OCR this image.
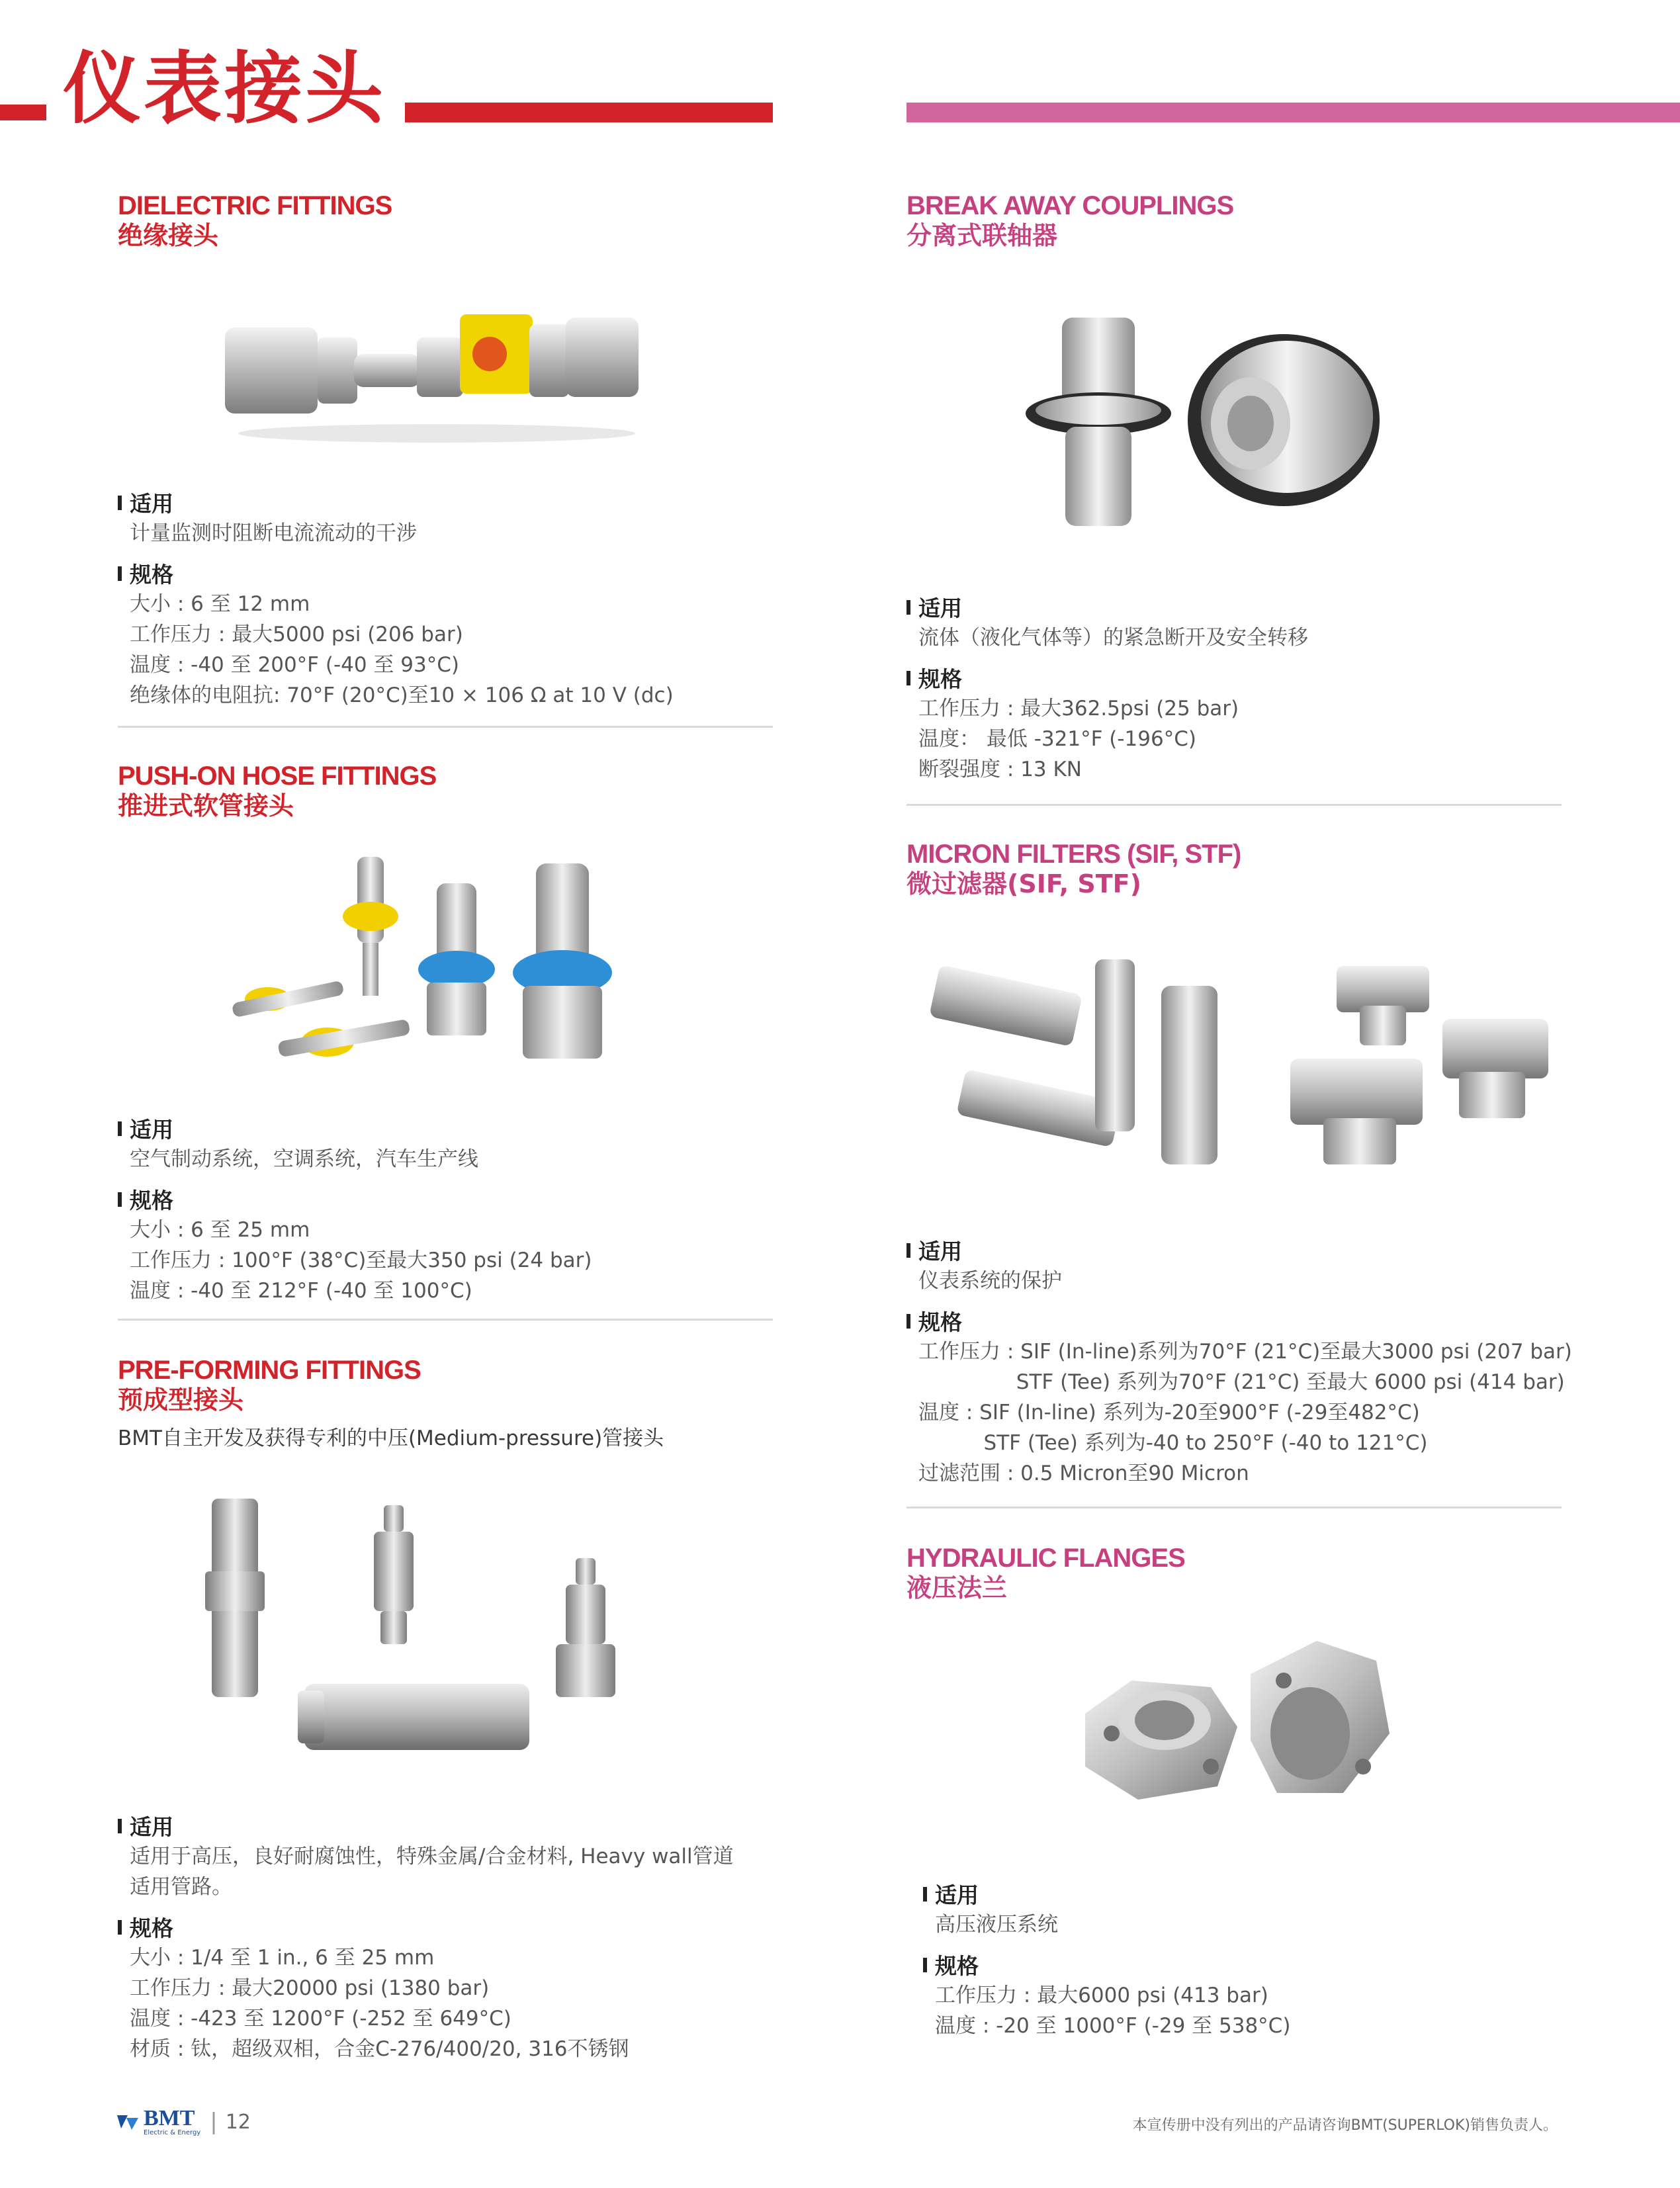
仪表接头
DIELECTRIC FITTINGS
绝缘接头
适用
计量监测时阻断电流流动的干涉
规格
大小 : 6 至 12 mm
工作压力 : 最大5000 psi (206 bar)
温度 : -40 至 200°F (-40 至 93°C)
绝缘体的电阻抗: 70°F (20°C)至10 × 106 Ω at 10 V (dc)
PUSH-ON HOSE FITTINGS
推进式软管接头
适用
空气制动系统，空调系统，汽车生产线
规格
大小 : 6 至 25 mm
工作压力 : 100°F (38°C)至最大350 psi (24 bar)
温度 : -40 至 212°F (-40 至 100°C)
PRE-FORMING FITTINGS
预成型接头
BMT自主开发及获得专利的中压(Medium-pressure)管接头
适用
适用于高压，良好耐腐蚀性，特殊金属/合金材料, Heavy wall管道
适用管路。
规格
大小 : 1/4 至 1 in., 6 至 25 mm
工作压力 : 最大20000 psi (1380 bar)
温度 : -423 至 1200°F (-252 至 649°C)
材质 : 钛，超级双相，合金C-276/400/20, 316不锈钢
BREAK AWAY COUPLINGS
分离式联轴器
适用
流体（液化气体等）的紧急断开及安全转移
规格
工作压力 : 最大362.5psi (25 bar)
温度： 最低 -321°F (-196°C)
断裂强度 : 13 KN
MICRON FILTERS (SIF, STF)
微过滤器(SIF, STF)
适用
仪表系统的保护
规格
工作压力 : SIF (In-line)系列为70°F (21°C)至最大3000 psi (207 bar)
STF (Tee) 系列为70°F (21°C) 至最大 6000 psi (414 bar)
温度 : SIF (In-line) 系列为-20至900°F (-29至482°C)
STF (Tee) 系列为-40 to 250°F (-40 to 121°C)
过滤范围 : 0.5 Micron至90 Micron
HYDRAULIC FLANGES
液压法兰
适用
高压液压系统
规格
工作压力 : 最大6000 psi (413 bar)
温度 : -20 至 1000°F (-29 至 538°C)
BMT
Electric & Energy | 12	本宣传册中没有列出的产品请咨询BMT(SUPERLOK)销售负责人。
